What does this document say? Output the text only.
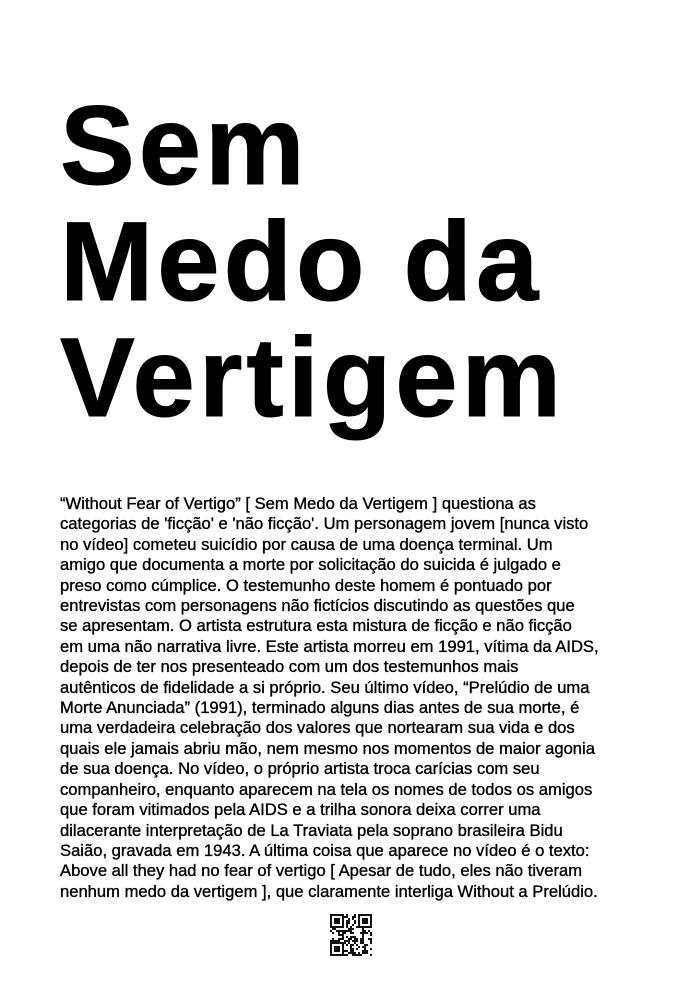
Sem
Medo da
Vertigem

“Without Fear of Vertigo” [ Sem Medo da Vertigem ] questiona as
categorias de 'ficção' e 'não ficção'. Um personagem jovem [nunca visto
no vídeo] cometeu suicídio por causa de uma doença terminal. Um
amigo que documenta a morte por solicitação do suicida é julgado e
preso como cúmplice. O testemunho deste homem é pontuado por
entrevistas com personagens não fictícios discutindo as questões que
se apresentam. O artista estrutura esta mistura de ficção e não ficção
em uma não narrativa livre. Este artista morreu em 1991, vítima da AIDS,
depois de ter nos presenteado com um dos testemunhos mais
autênticos de fidelidade a si próprio. Seu último vídeo, “Prelúdio de uma
Morte Anunciada” (1991), terminado alguns dias antes de sua morte, é
uma verdadeira celebração dos valores que nortearam sua vida e dos
quais ele jamais abriu mão, nem mesmo nos momentos de maior agonia
de sua doença. No vídeo, o próprio artista troca carícias com seu
companheiro, enquanto aparecem na tela os nomes de todos os amigos
que foram vitimados pela AIDS e a trilha sonora deixa correr uma
dilacerante interpretação de La Traviata pela soprano brasileira Bidu
Saião, gravada em 1943. A última coisa que aparece no vídeo é o texto:
Above all they had no fear of vertigo [ Apesar de tudo, eles não tiveram
nenhum medo da vertigem ], que claramente interliga Without a Prelúdio.
